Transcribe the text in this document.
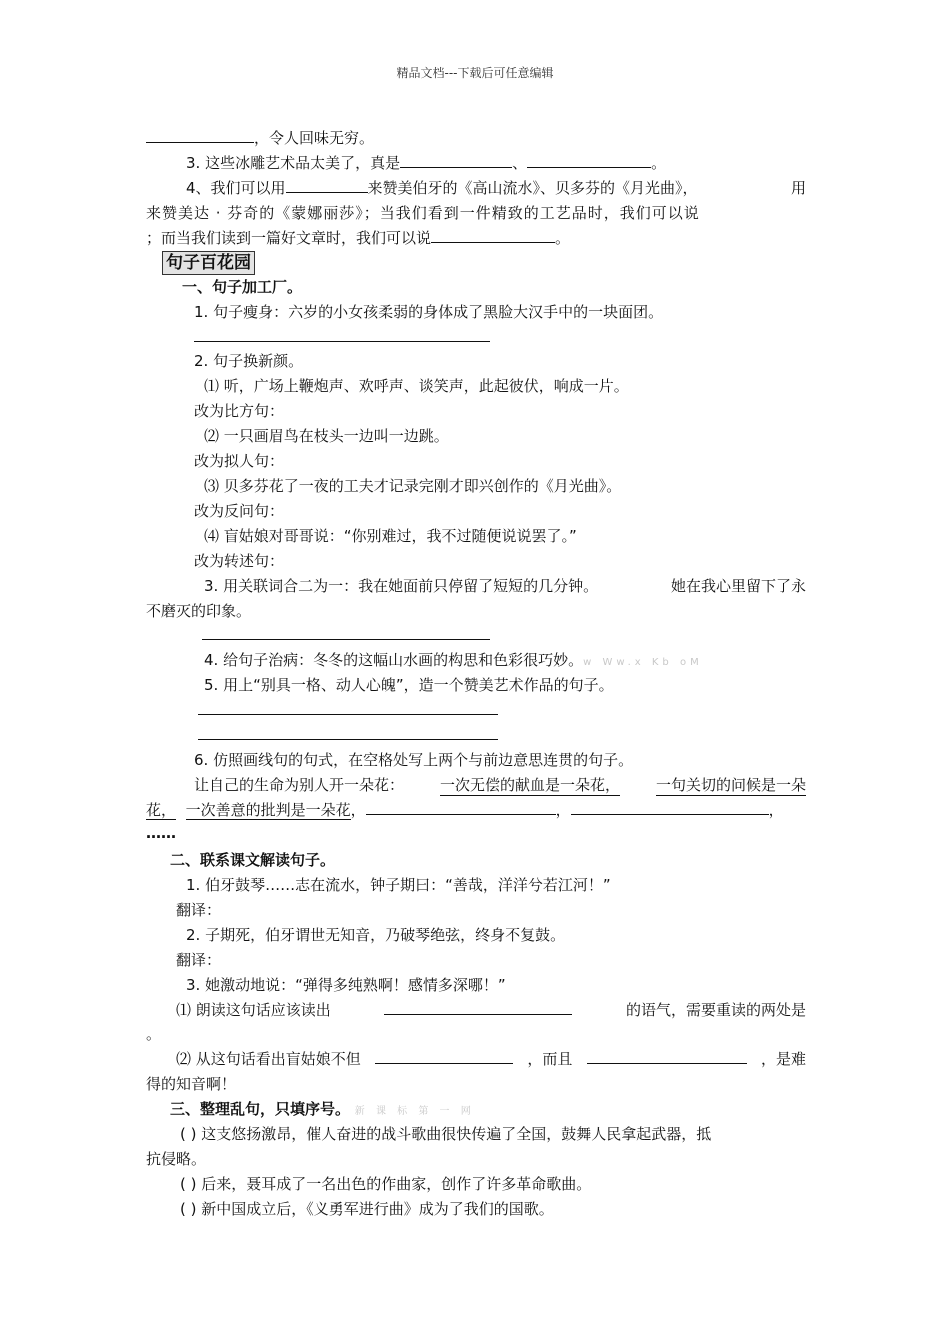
精品文档---下载后可任意编辑
，令人回味无穷。
3. 这些冰雕艺术品太美了，真是	、	。
4、我们可以用	来赞美伯牙的《高山流水》、贝多芬的《月光曲》，	用
来赞美达 · 芬奇的《蒙娜丽莎》；当我们看到一件精致的工艺品时，我们可以说
；而当我们读到一篇好文章时，我们可以说	。
句子百花园
一、句子加工厂。
1. 句子瘦身：六岁的小女孩柔弱的身体成了黑脸大汉手中的一块面团。
2. 句子换新颜。
⑴ 听，广场上鞭炮声、欢呼声、谈笑声，此起彼伏，响成一片。
改为比方句：
⑵ 一只画眉鸟在枝头一边叫一边跳。
改为拟人句：
⑶ 贝多芬花了一夜的工夫才记录完刚才即兴创作的《月光曲》。
改为反问句：
⑷ 盲姑娘对哥哥说：“你别难过，我不过随便说说罢了。”
改为转述句：
3. 用关联词合二为一：我在她面前只停留了短短的几分钟。	她在我心里留下了永
不磨灭的印象。
4. 给句子治病：冬冬的这幅山水画的构思和色彩很巧妙。w Ww.x Kb oM
5. 用上“别具一格、动人心魄”，造一个赞美艺术作品的句子。
6. 仿照画线句的句式，在空格处写上两个与前边意思连贯的句子。
让自己的生命为别人开一朵花： 一次无偿的献血是一朵花， 一句关切的问候是一朵
花， 一次善意的批判是一朵花，	，	，
……
二、联系课文解读句子。
1. 伯牙鼓琴……志在流水，钟子期曰：“善哉，洋洋兮若江河！”
翻译：
2. 子期死，伯牙谓世无知音，乃破琴绝弦，终身不复鼓。
翻译：
3. 她激动地说：“弹得多纯熟啊！感情多深哪！”
⑴ 朗读这句话应该读出	的语气，需要重读的两处是
。
⑵ 从这句话看出盲姑娘不但	，而且	，是难
得的知音啊！
三、整理乱句，只填序号。 新 课 标 第 一 网
( ) 这支悠扬激昂，催人奋进的战斗歌曲很快传遍了全国，鼓舞人民拿起武器，抵
抗侵略。
( ) 后来，聂耳成了一名出色的作曲家，创作了许多革命歌曲。
( ) 新中国成立后，《义勇军进行曲》成为了我们的国歌。
